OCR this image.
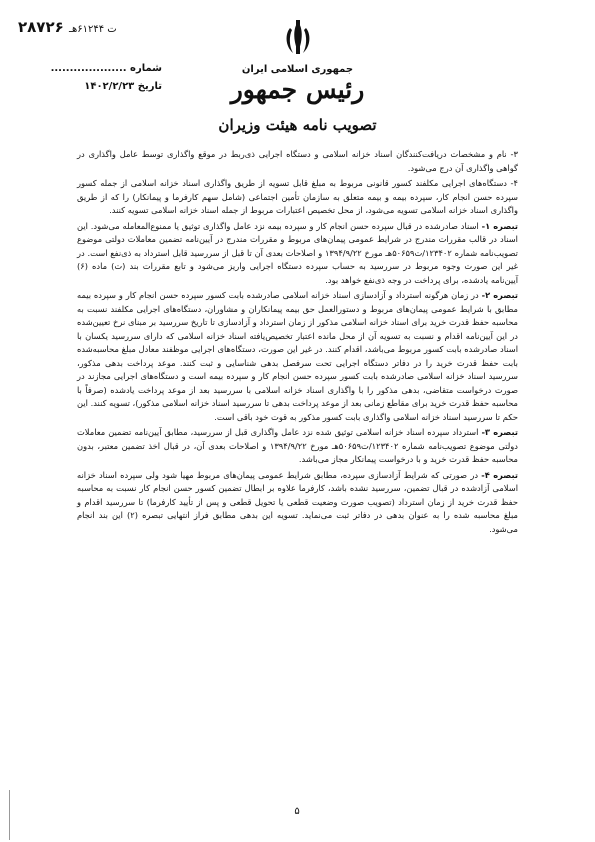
ت ۶۱۲۴۴هـ ۲۸۷۲۶
شماره ....................
تاریخ ۱۴۰۲/۲/۲۳
جمهوری اسلامی ایران
رئیس جمهور
تصویب نامه هیئت وزیران

۳- نام و مشخصات دریافت‌کنندگان اسناد خزانه اسلامی و دستگاه اجرایی ذی‌ربط در موقع واگذاری توسط عامل واگذاری در گواهی واگذاری آن درج می‌شود.

۴- دستگاه‌های اجرایی مکلفند کسور قانونی مربوط به مبلغ قابل تسویه از طریق واگذاری اسناد خزانه اسلامی از جمله کسور سپرده حسن انجام کار، سپرده بیمه و بیمه متعلق به سازمان تأمین اجتماعی (شامل سهم کارفرما و پیمانکار) را که از طریق واگذاری اسناد خزانه اسلامی تسویه می‌شود، از محل تخصیص اعتبارات مربوط از جمله اسناد خزانه اسلامی تسویه کنند.

تبصره ۱- اسناد صادرشده در قبال سپرده حسن انجام کار و سپرده بیمه نزد عامل واگذاری توثیق یا ممنوع‌المعامله می‌شود. این اسناد در قالب مقررات مندرج در شرایط عمومی پیمان‌های مربوط و مقررات مندرج در آیین‌نامه تضمین معاملات دولتی موضوع تصویب‌نامه شماره ۱۲۳۴۰۲/ت۵۰۶۵۹هـ مورخ ۱۳۹۴/۹/۲۲ و اصلاحات بعدی آن تا قبل از سررسید قابل استرداد به ذی‌نفع است. در غیر این صورت وجوه مربوط در سررسید به حساب سپرده دستگاه اجرایی واریز می‌شود و تابع مقررات بند (ت) ماده (۶) آیین‌نامه یادشده، برای پرداخت در وجه ذی‌نفع خواهد بود.

تبصره ۲- در زمان هرگونه استرداد و آزادسازی اسناد خزانه اسلامی صادرشده بابت کسور سپرده حسن انجام کار و سپرده بیمه مطابق با شرایط عمومی پیمان‌های مربوط و دستورالعمل حق بیمه پیمانکاران و مشاوران، دستگاه‌های اجرایی مکلفند نسبت به محاسبه حفظ قدرت خرید برای اسناد خزانه اسلامی مذکور از زمان استرداد و آزادسازی تا تاریخ سررسید بر مبنای نرخ تعیین‌شده در این آیین‌نامه اقدام و نسبت به تسویه آن از محل مانده اعتبار تخصیص‌یافته اسناد خزانه اسلامی که دارای سررسید یکسان با اسناد صادرشده بابت کسور مربوط می‌باشد، اقدام کنند. در غیر این صورت، دستگاه‌های اجرایی موظفند معادل مبلغ محاسبه‌شده بابت حفظ قدرت خرید را در دفاتر دستگاه اجرایی تحت سرفصل بدهی شناسایی و ثبت کنند. موعد پرداخت بدهی مذکور، سررسید اسناد خزانه اسلامی صادرشده بابت کسور سپرده حسن انجام کار و سپرده بیمه است و دستگاه‌های اجرایی مجازند در صورت درخواست متقاضی، بدهی مذکور را با واگذاری اسناد خزانه اسلامی با سررسید بعد از موعد پرداخت یادشده (صرفاً با محاسبه حفظ قدرت خرید برای مقاطع زمانی بعد از موعد پرداخت بدهی تا سررسید اسناد خزانه اسلامی مذکور)، تسویه کنند. این حکم تا سررسید اسناد خزانه اسلامی واگذاری بابت کسور مذکور به قوت خود باقی است.

تبصره ۳- استرداد سپرده اسناد خزانه اسلامی توثیق شده نزد عامل واگذاری قبل از سررسید، مطابق آیین‌نامه تضمین معاملات دولتی موضوع تصویب‌نامه شماره ۱۲۳۴۰۲/ت۵۰۶۵۹هـ مورخ ۱۳۹۴/۹/۲۲ و اصلاحات بعدی آن، در قبال اخذ تضمین معتبر، بدون محاسبه حفظ قدرت خرید و با درخواست پیمانکار مجاز می‌باشد.

تبصره ۴- در صورتی که شرایط آزادسازی سپرده، مطابق شرایط عمومی پیمان‌های مربوط مهیا شود ولی سپرده اسناد خزانه اسلامی آزادشده در قبال تضمین، سررسید نشده باشد، کارفرما علاوه بر ابطال تضمین کسور حسن انجام کار نسبت به محاسبه حفظ قدرت خرید از زمان استرداد (تصویب صورت وضعیت قطعی یا تحویل قطعی و پس از تأیید کارفرما) تا سررسید اقدام و مبلغ محاسبه شده را به عنوان بدهی در دفاتر ثبت می‌نماید. تسویه این بدهی مطابق فراز انتهایی تبصره (۲) این بند انجام می‌شود.

۵
